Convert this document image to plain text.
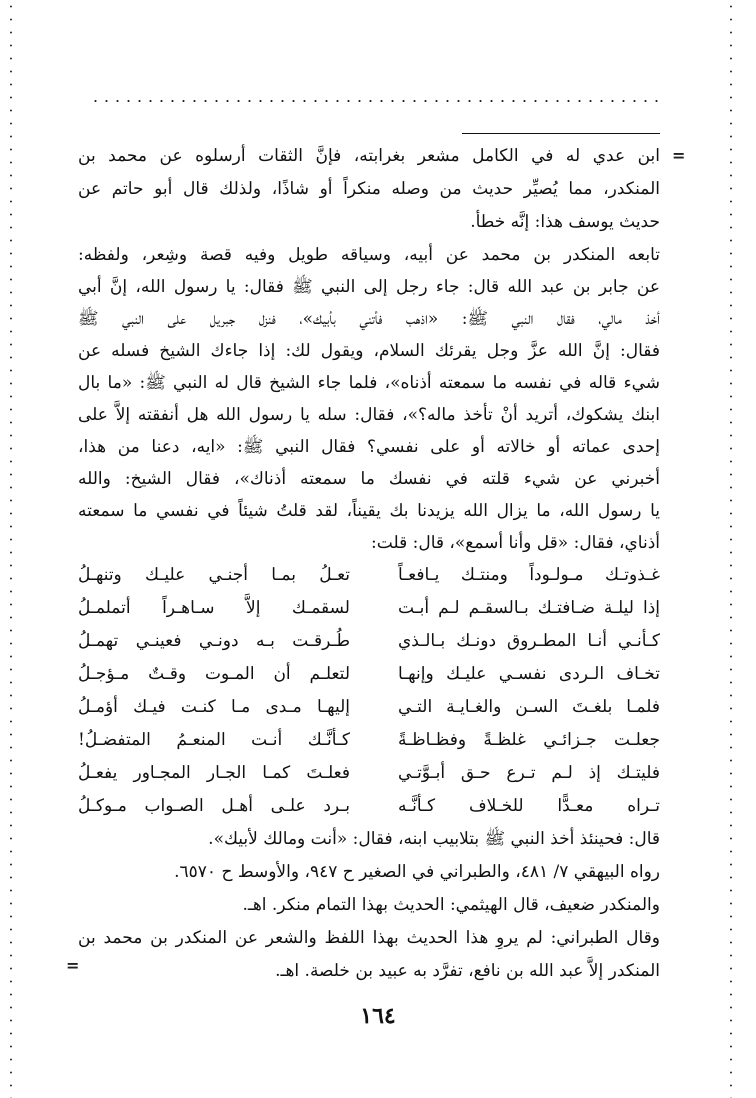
=
ابن عدي له في الكامل مشعر بغرابته، فإنَّ الثقات أرسلوه عن محمد بن
المنكدر، مما يُصيِّر حديث من وصله منكراً أو شاذًا، ولذلك قال أبو حاتم عن
حديث يوسف هذا: إنَّه خطأ.
تابعه المنكدر بن محمد عن أبيه، وسياقه طويل وفيه قصة وشِعر، ولفظه:
عن جابر بن عبد الله قال: جاء رجل إلى النبي ﷺ فقال: يا رسول الله، إنَّ أبي
أخذ مالي، فقال النبي ﷺ: «اذهب فأتني بأبيك»، فنزل جبريل على النبي ﷺ
فقال: إنَّ الله عزَّ وجل يقرئك السلام، ويقول لك: إذا جاءك الشيخ فسله عن
شيء قاله في نفسه ما سمعته أذناه»، فلما جاء الشيخ قال له النبي ﷺ: «ما بال
ابنك يشكوك، أتريد أنْ تأخذ ماله؟»، فقال: سله يا رسول الله هل أنفقته إلاَّ على
إحدى عماته أو خالاته أو على نفسي؟ فقال النبي ﷺ: «ايه، دعنا من هذا،
أخبرني عن شيء قلته في نفسك ما سمعته أذناك»، فقال الشيخ: والله
يا رسول الله، ما يزال الله يزيدنا بك يقيناً، لقد قلتُ شيئاً في نفسي ما سمعته
أذناي، فقال: «قل وأنا أسمع»، قال: قلت:
غـذوتـك مـولـوداً ومنتـك يـافعـاً
تعـلُ بمـا أجنـي عليـك وتنهـلُ
إذا ليلـة ضـافتـك بـالسقـم لـم أبـت
لسقمـك إلاَّ سـاهـراً أتملمـلُ
كـأنـي أنـا المطـروق دونـك بـالـذي
طُـرقـت بـه دونـي فعينـي تهمـلُ
تخـاف الـردى نفسـي عليـك وإنهـا
لتعلـم أن المـوت وقـتٌ مـؤجـلُ
فلمـا بلغـتَ السـن والغـايـة التـي
إليهـا مـدى مـا كنـت فيـك أؤمـلُ
جعلـت جـزائـي غلظـةً وفظـاظـةً
كـأنَّـك أنـت المنعـمُ المتفضـلُ!
فليتـك إذ لـم تـرع حـق أبـوَّتـي
فعلـتَ كمـا الجـار المجـاور يفعـلُ
تـراه معـدًّا للخـلاف كـأنَّـه
بـرد علـى أهـل الصـواب مـوكـلُ
قال: فحينئذ أخذ النبي ﷺ بتلابيب ابنه، فقال: «أنت ومالك لأبيك».
رواه البيهقي ٧/ ٤٨١، والطبراني في الصغير ح ٩٤٧، والأوسط ح ٦٥٧٠.
والمنكدر ضعيف، قال الهيثمي: الحديث بهذا التمام منكر. اهـ.
وقال الطبراني: لم يروِ هذا الحديث بهذا اللفظ والشعر عن المنكدر بن محمد بن
المنكدر إلاَّ عبد الله بن نافع، تفرَّد به عبيد بن خلصة. اهـ.
=
١٦٤
